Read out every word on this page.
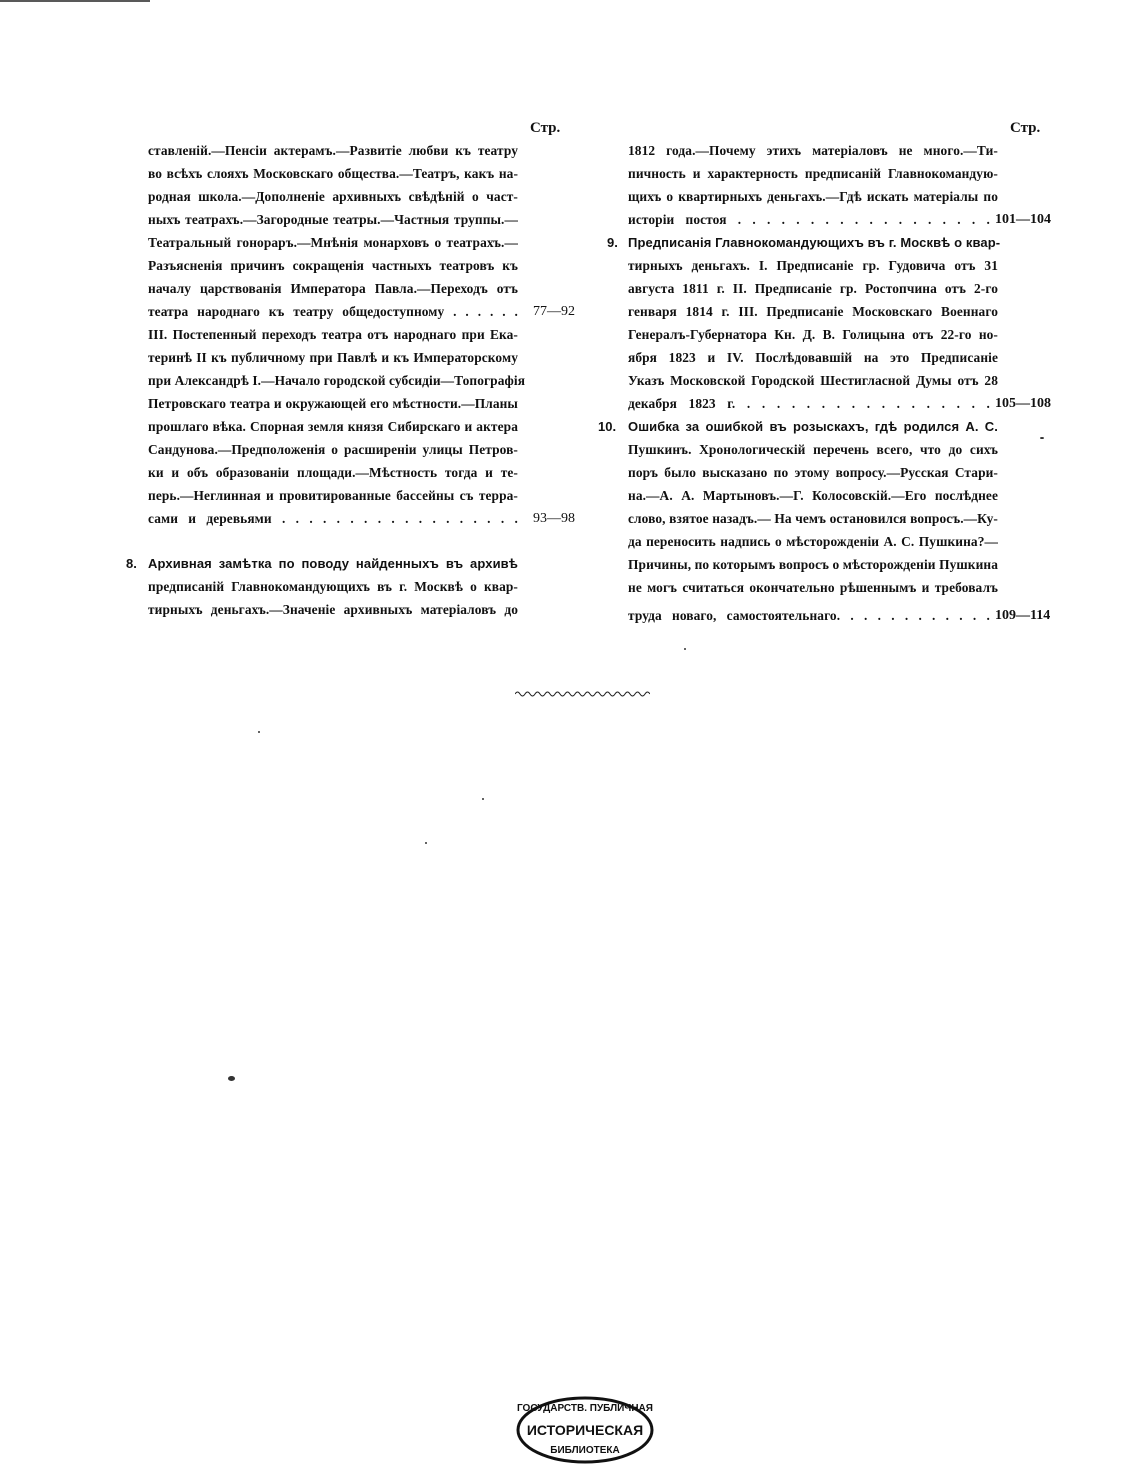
Стр.	Стр.
ставленій.—Пенсіи актерамъ.—Развитіе любви къ театру
во всѣхъ слояхъ Московскаго общества.—Театръ, какъ на-
родная школа.—Дополненіе архивныхъ свѣдѣній о част-
ныхъ театрахъ.—Загородные театры.—Частныя труппы.—
Театральный гонораръ.—Мнѣнія монарховъ о театрахъ.—
Разъясненія причинъ сокращенія частныхъ театровъ къ
началу царствованія Императора Павла.—Переходъ отъ
театра народнаго къ театру общедоступному . . . . . . 77—92
III. Постепенный переходъ театра отъ народнаго при Ека-
теринѣ II къ публичному при Павлѣ и къ Императорскому
при Александрѣ I.—Начало городской субсидіи—Топографія
Петровскаго театра и окружающей его мѣстности.—Планы
прошлаго вѣка. Спорная земля князя Сибирскаго и актера
Сандунова.—Предположенія о расширеніи улицы Петров-
ки и объ образованіи площади.—Мѣстность тогда и те-
перь.—Неглинная и провитированные бассейны съ терра-
сами и деревьями . . . . . . . . . . . . . . . . . . 93—98
8. Архивная замѣтка по поводу найденныхъ въ архивѣ
предписаній Главнокомандующихъ въ г. Москвѣ о квар-
тирныхъ деньгахъ.—Значеніе архивныхъ матеріаловъ до
1812 года.—Почему этихъ матеріаловъ не много.—Ти-
пичность и характерность предписаній Главнокомандую-
щихъ о квартирныхъ деньгахъ.—Гдѣ искать матеріалы по
исторіи постоя . . . . . . . . . . . . . . . . . . 101—104
9. Предписанія Главнокомандующихъ въ г. Москвѣ о квар-
тирныхъ деньгахъ. I. Предписаніе гр. Гудовича отъ 31
августа 1811 г. II. Предписаніе гр. Ростопчина отъ 2-го
генваря 1814 г. III. Предписаніе Московскаго Военнаго
Генералъ-Губернатора Кн. Д. В. Голицына отъ 22-го но-
ября 1823 и IV. Послѣдовавшій на это Предписаніе
Указъ Московской Городской Шестигласной Думы отъ 28
декабря 1823 г. . . . . . . . . . . . . . . . . . 105—108
10. Ошибка за ошибкой въ розыскахъ, гдѣ родился А. С.
Пушкинъ. Хронологическій перечень всего, что до сихъ
поръ было высказано по этому вопросу.—Русская Стари-
на.—А. А. Мартыновъ.—Г. Колосовскій.—Его послѣднее
слово, взятое назадъ.— На чемъ остановился вопросъ.—Ку-
да переносить надпись о мѣсторожденіи А. С. Пушкина?—
Причины, по которымъ вопросъ о мѣсторожденіи Пушкина
не могъ считаться окончательно рѣшеннымъ и требовалъ
труда новаго, самостоятельнаго. . . . . . . . . . . . 109—114
ГОСУДАРСТВ. ПУБЛИЧНАЯ
ИСТОРИЧЕСКАЯ
БИБЛИОТЕКА
